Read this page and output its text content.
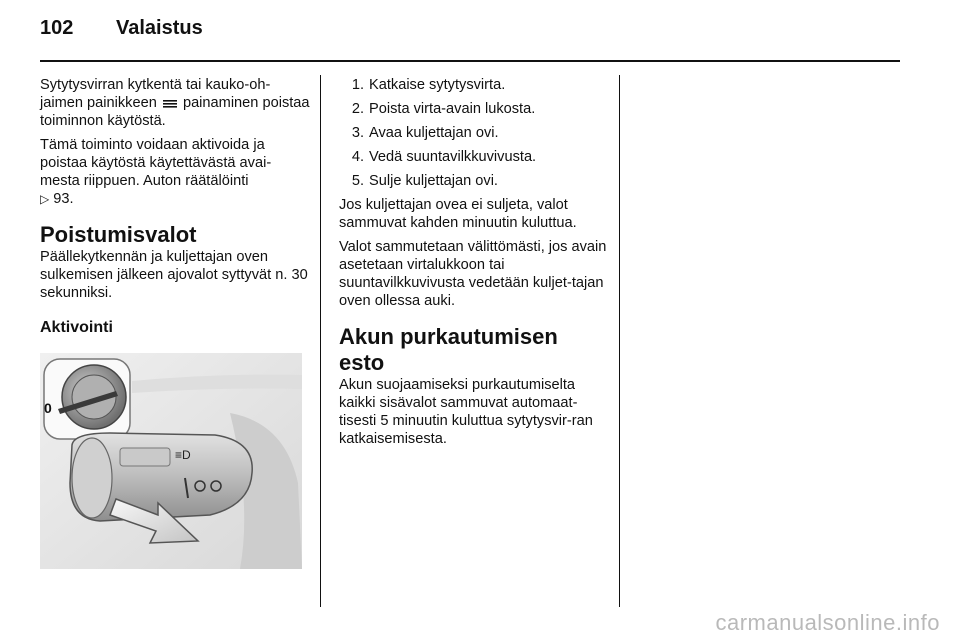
102	Valaistus

Sytytysvirran kytkentä tai kauko-oh-jaimen painikkeen painaminen poistaa toiminnon käytöstä.

Tämä toiminto voidaan aktivoida ja poistaa käytöstä käytettävästä avai-mesta riippuen. Auton räätälöinti
▷ 93.

Poistumisvalot

Päällekytkennän ja kuljettajan oven sulkemisen jälkeen ajovalot syttyvät n. 30 sekunniksi.

Aktivointi
0
≡D
1. Katkaise sytytysvirta.
2. Poista virta-avain lukosta.
3. Avaa kuljettajan ovi.
4. Vedä suuntavilkkuvivusta.
5. Sulje kuljettajan ovi.

Jos kuljettajan ovea ei suljeta, valot sammuvat kahden minuutin kuluttua.

Valot sammutetaan välittömästi, jos avain asetetaan virtalukkoon tai suuntavilkkuvivusta vedetään kuljet-tajan oven ollessa auki.

Akun purkautumisen esto

Akun suojaamiseksi purkautumiselta kaikki sisävalot sammuvat automaat-tisesti 5 minuutin kuluttua sytytysvir-ran katkaisemisesta.

carmanualsonline.info
